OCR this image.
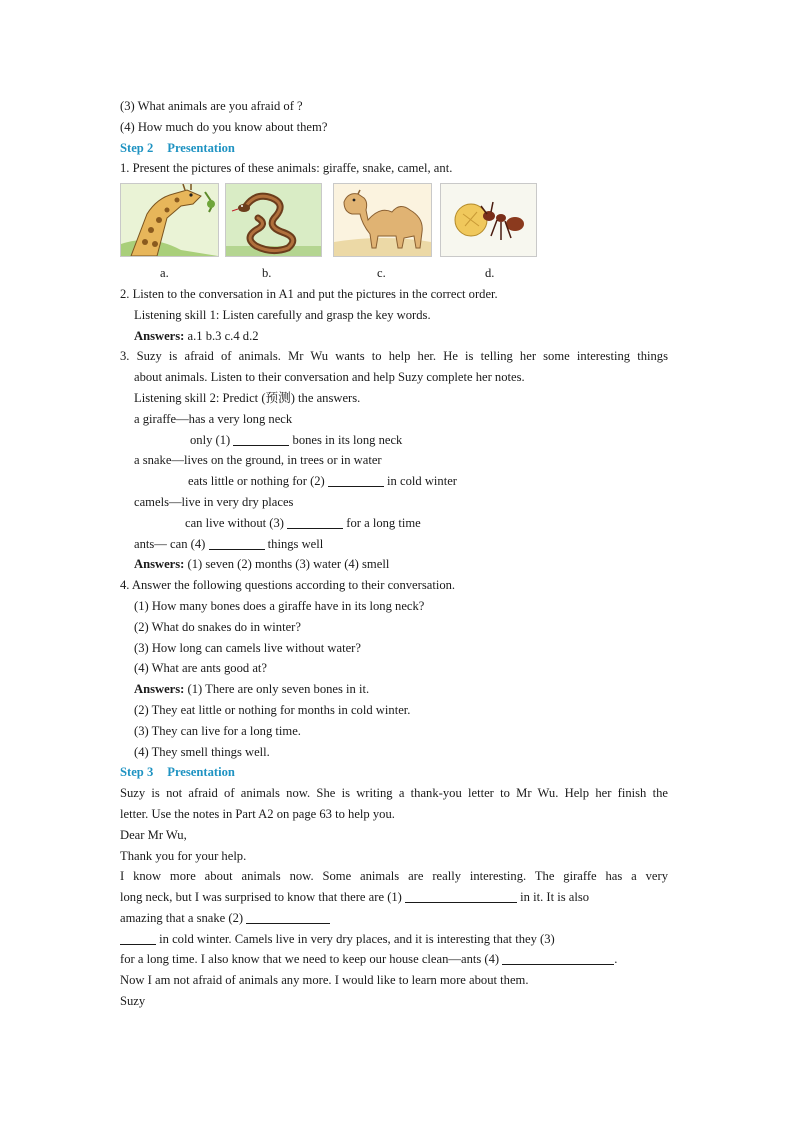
(3) What animals are you afraid of ?
(4) How much do you know about them?
Step 2 Presentation
1. Present the pictures of these animals: giraffe, snake, camel, ant.
a.	b.	c.	d.
2. Listen to the conversation in A1 and put the pictures in the correct order.
Listening skill 1: Listen carefully and grasp the key words.
Answers: a.1 b.3 c.4 d.2
3. Suzy is afraid of animals. Mr Wu wants to help her. He is telling her some interesting things
about animals. Listen to their conversation and help Suzy complete her notes.
Listening skill 2: Predict (预测) the answers.
a giraffe—has a very long neck
only (1)	bones in its long neck
a snake—lives on the ground, in trees or in water
eats little or nothing for (2)	in cold winter
camels—live in very dry places
can live without (3)	for a long time
ants— can (4)	things well
Answers: (1) seven (2) months (3) water (4) smell
4. Answer the following questions according to their conversation.
(1) How many bones does a giraffe have in its long neck?
(2) What do snakes do in winter?
(3) How long can camels live without water?
(4) What are ants good at?
Answers: (1) There are only seven bones in it.
(2) They eat little or nothing for months in cold winter.
(3) They can live for a long time.
(4) They smell things well.
Step 3 Presentation
Suzy is not afraid of animals now. She is writing a thank-you letter to Mr Wu. Help her finish the
letter. Use the notes in Part A2 on page 63 to help you.
Dear Mr Wu,
Thank you for your help.
I know more about animals now. Some animals are really interesting. The giraffe has a very
long neck, but I was surprised to know that there are (1)	in it. It is also
amazing that a snake (2)
in cold winter. Camels live in very dry places, and it is interesting that they (3)
for a long time. I also know that we need to keep our house clean—ants (4)	.
Now I am not afraid of animals any more. I would like to learn more about them.
Suzy
